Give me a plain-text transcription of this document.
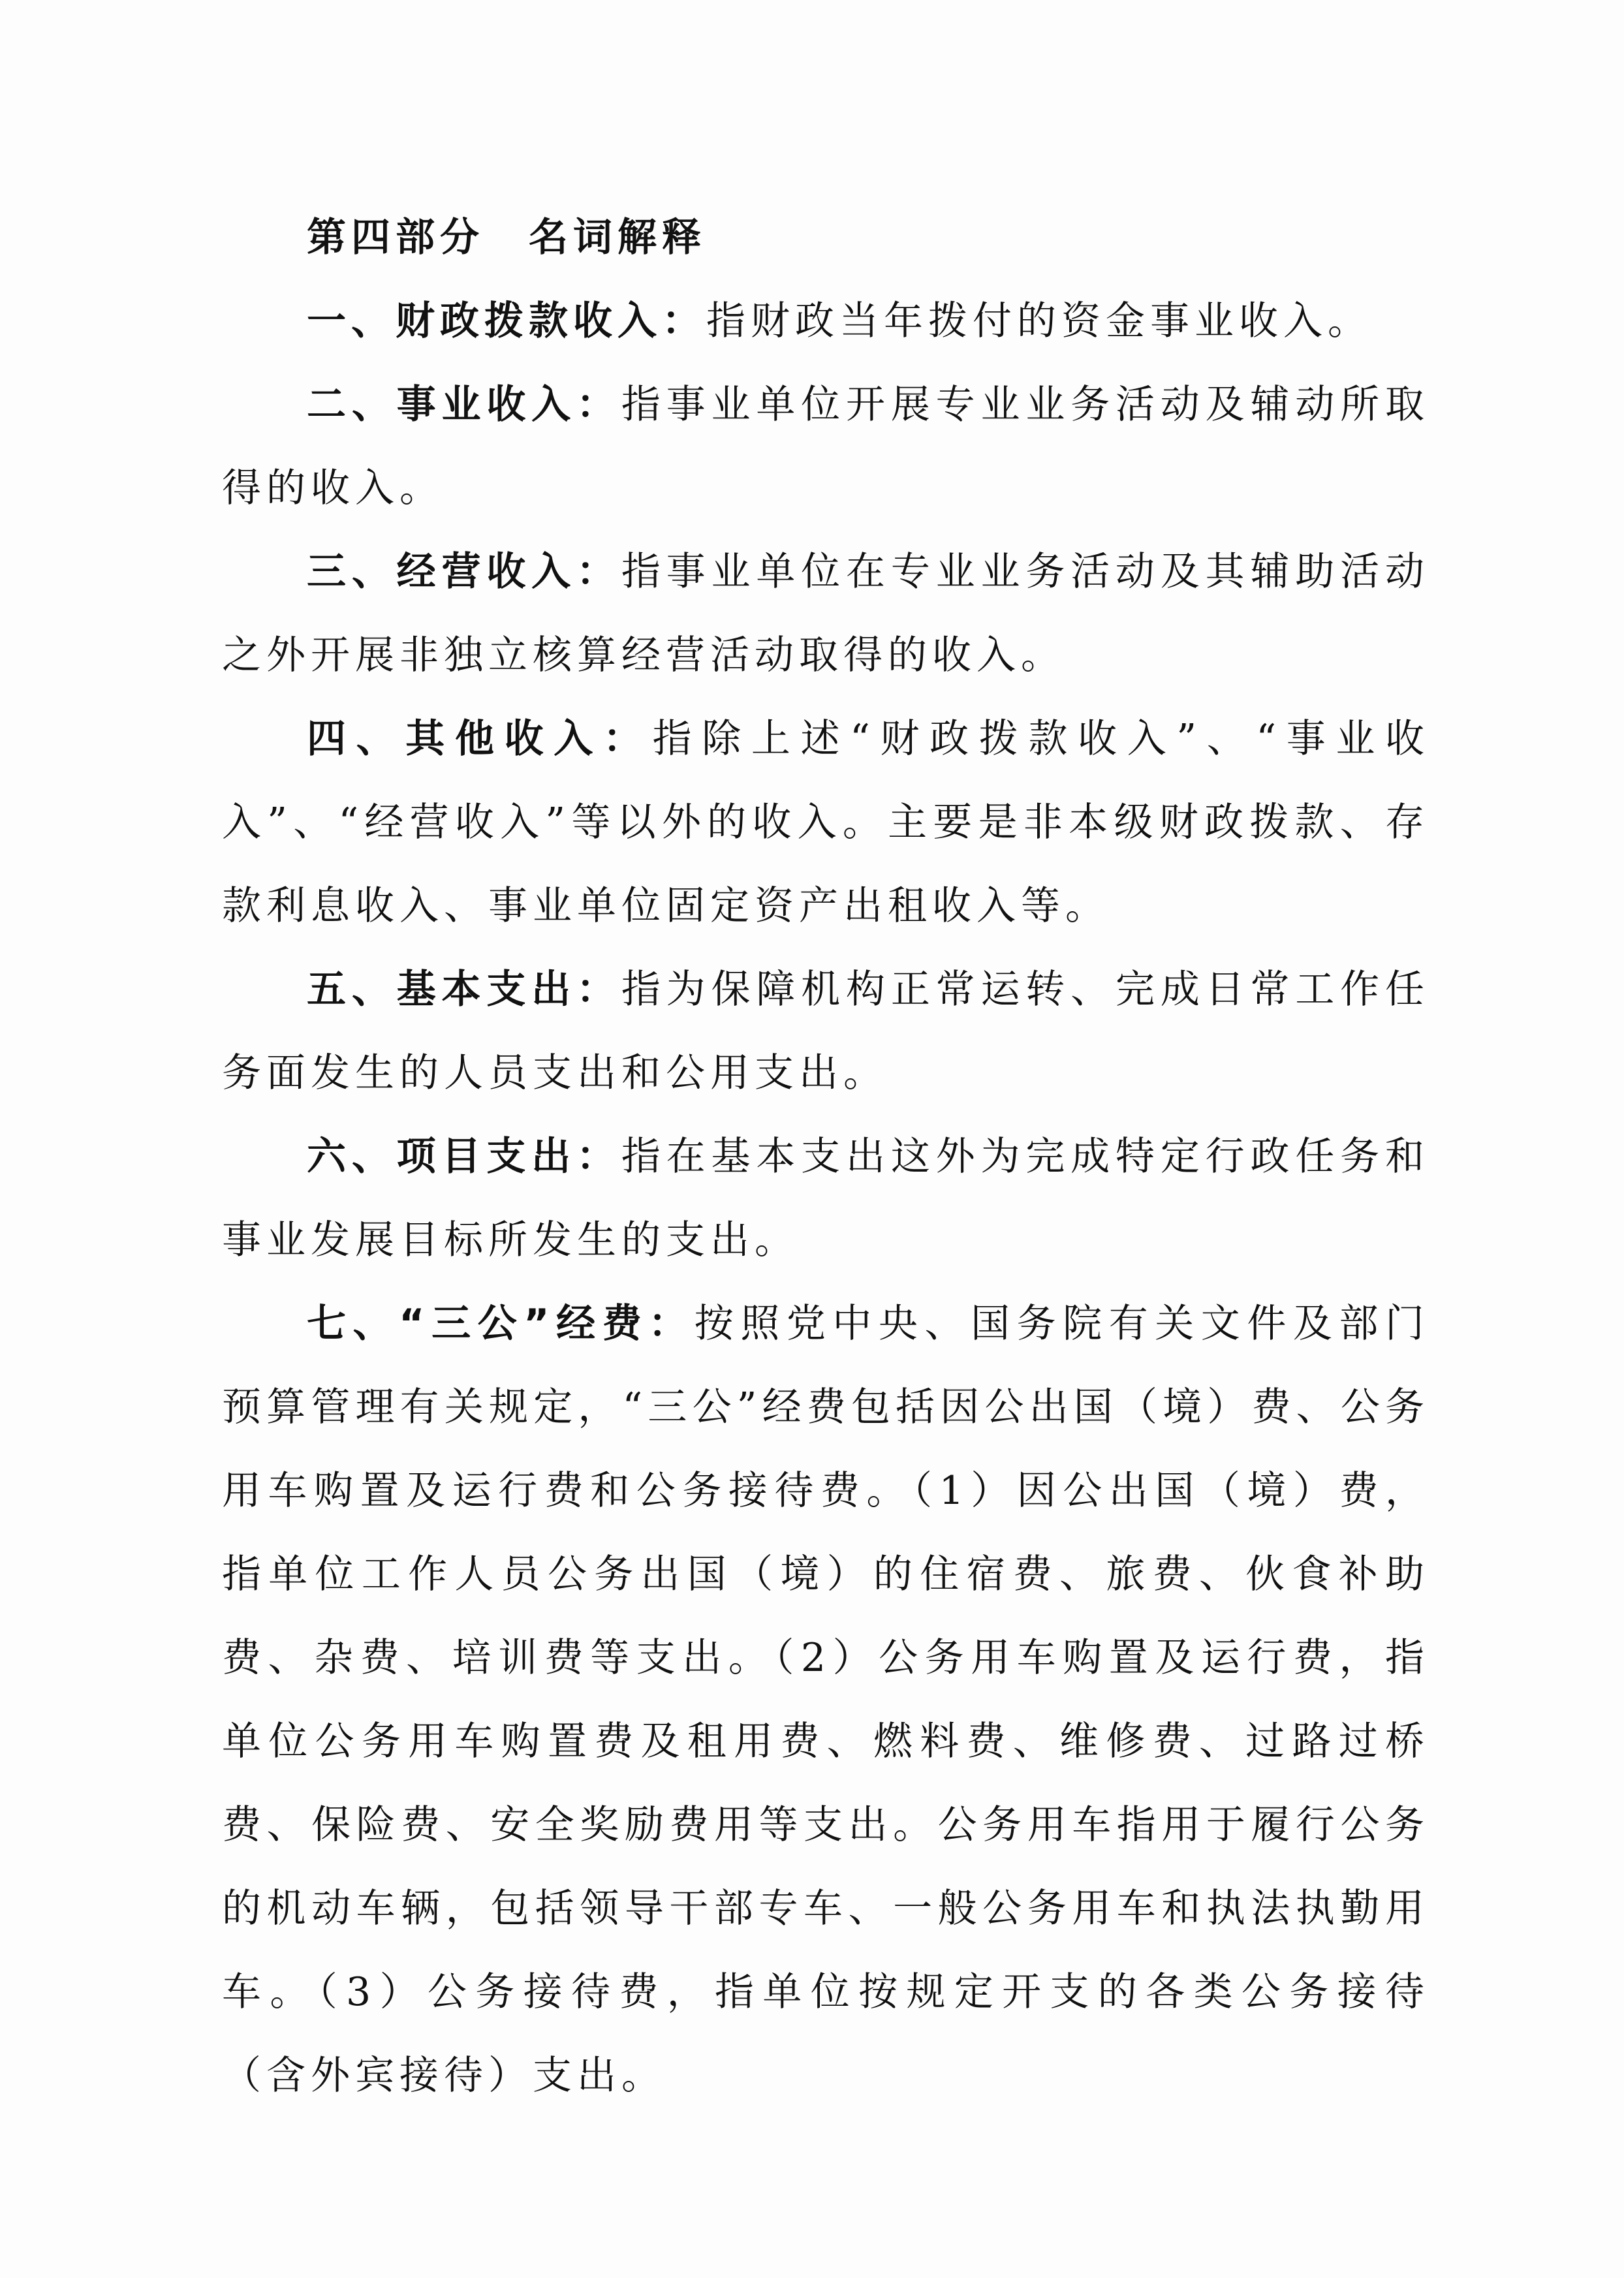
第四部分　名词解释

一、财政拨款收入：指财政当年拨付的资金事业收入。

二、事业收入：指事业单位开展专业业务活动及辅动所取得的收入。

三、经营收入：指事业单位在专业业务活动及其辅助活动之外开展非独立核算经营活动取得的收入。

四、其他收入：指除上述“财政拨款收入”、“事业收入”、“经营收入”等以外的收入。主要是非本级财政拨款、存款利息收入、事业单位固定资产出租收入等。

五、基本支出：指为保障机构正常运转、完成日常工作任务面发生的人员支出和公用支出。

六、项目支出：指在基本支出这外为完成特定行政任务和事业发展目标所发生的支出。

七、“三公”经费：按照党中央、国务院有关文件及部门预算管理有关规定，“三公”经费包括因公出国（境）费、公务用车购置及运行费和公务接待费。（1）因公出国（境）费，指单位工作人员公务出国（境）的住宿费、旅费、伙食补助费、杂费、培训费等支出。（2）公务用车购置及运行费，指单位公务用车购置费及租用费、燃料费、维修费、过路过桥费、保险费、安全奖励费用等支出。公务用车指用于履行公务的机动车辆，包括领导干部专车、一般公务用车和执法执勤用车。（3）公务接待费，指单位按规定开支的各类公务接待（含外宾接待）支出。
